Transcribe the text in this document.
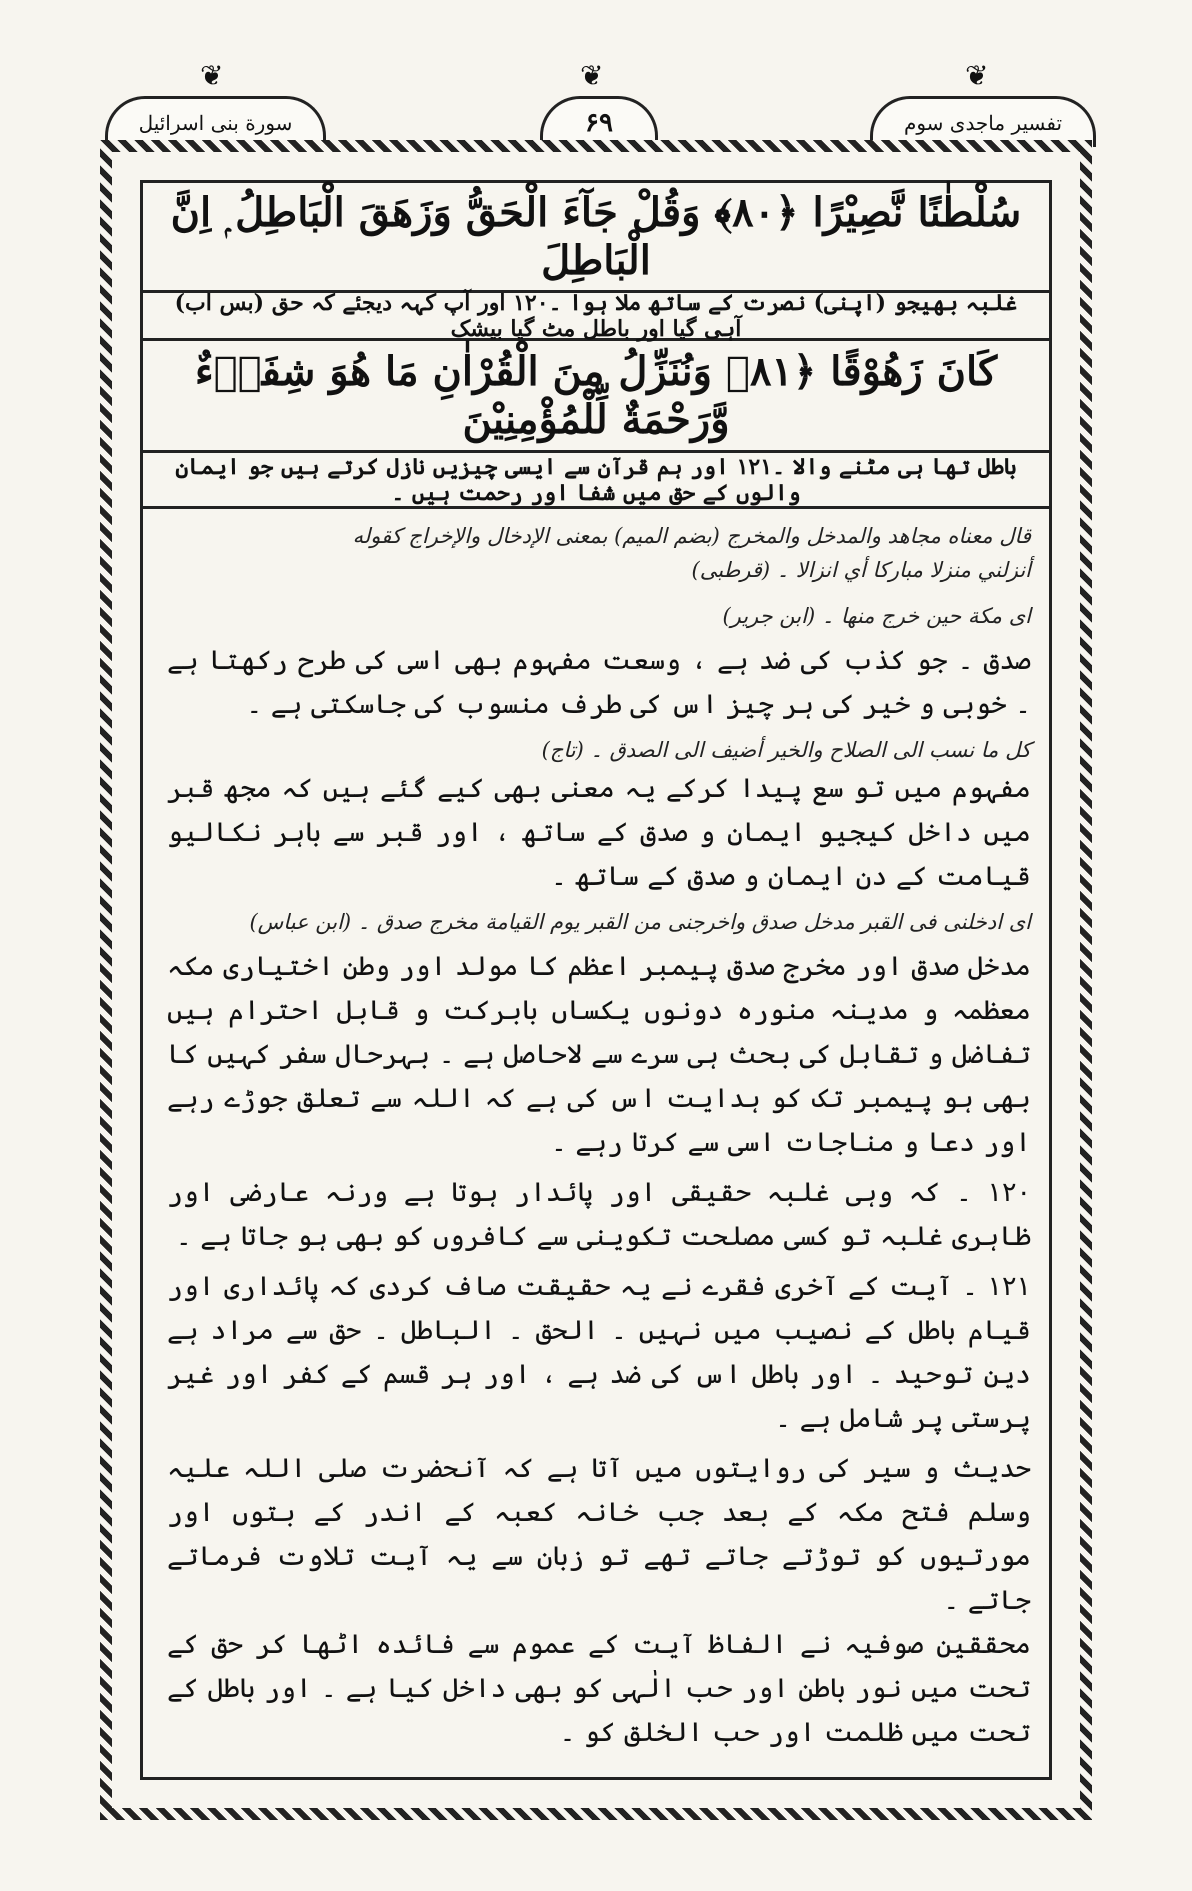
❦	❦	❦
سورة بنی اسرائیل	۶۹	تفسیر ماجدی سوم
سُلْطٰنًا نَّصِيْرًا ﴿٨٠﴾ وَقُلْ جَآءَ الْحَقُّ وَزَهَقَ الْبَاطِلُ ۭ اِنَّ الْبَاطِلَ
غلبہ بھیجو (اپنی) نصرت کے ساتھ ملا ہوا ۔١٢٠ اور آپ کہہ دیجئے کہ حق (بس اب) آہی گیا اور باطل مٹ گیا بیشک
كَانَ زَهُوْقًا ﴿٨١﴾ وَنُنَزِّلُ مِنَ الْقُرْاٰنِ مَا هُوَ شِفَاۗءٌ وَّرَحْمَةٌ لِّلْمُؤْمِنِيْنَ
باطل تھا ہی مٹنے والا ۔١٢١ اور ہم قرآن سے ایسی چیزیں نازل کرتے ہیں جو ایمان والوں کے حق میں شفا اور رحمت ہیں ۔

قال معناه مجاهد والمدخل والمخرج (بضم الميم) بمعنى الإدخال والإخراج كقوله

أنزلني منزلا مباركا أي انزالا ۔ (قرطبی)

اى مكة حين خرج منها ۔ (ابن جرير)

صدق ۔ جو کذب کی ضد ہے ، وسعت مفہوم بھی اسی کی طرح رکھتا ہے ۔ خوبی و خیر کی ہر چیز اس کی طرف منسوب کی جاسکتی ہے ۔

كل ما نسب الى الصلاح والخير أضيف الى الصدق ۔ (تاج)

مفہوم میں تو سع پیدا کرکے یہ معنی بھی کیے گئے ہیں کہ مجھ قبر میں داخل کیجیو ایمان و صدق کے ساتھ ، اور قبر سے باہر نکالیو قیامت کے دن ایمان و صدق کے ساتھ ۔

اى ادخلنى فى القبر مدخل صدق واخرجنى من القبر يوم القيامة مخرج صدق ۔ (ابن عباس)

مدخل صدق اور مخرج صدق پیمبر اعظم کا مولد اور وطن اختیاری مکہ معظمہ و مدینہ منورہ دونوں یکساں بابرکت و قابل احترام ہیں تفاضل و تقابل کی بحث ہی سرے سے لاحاصل ہے ۔ بہرحال سفر کہیں کا بھی ہو پیمبر تک کو ہدایت اس کی ہے کہ اللہ سے تعلق جوڑے رہے اور دعا و مناجات اسی سے کرتا رہے ۔

١٢٠ ۔ کہ وہی غلبہ حقیقی اور پائدار ہوتا ہے ورنہ عارضی اور ظاہری غلبہ تو کسی مصلحت تکوینی سے کافروں کو بھی ہو جاتا ہے ۔

١٢١ ۔ آیت کے آخری فقرے نے یہ حقیقت صاف کردی کہ پائداری اور قیام باطل کے نصیب میں نہیں ۔ الحق ۔ الباطل ۔ حق سے مراد ہے دین توحید ۔ اور باطل اس کی ضد ہے ، اور ہر قسم کے کفر اور غیر پرستی پر شامل ہے ۔

حدیث و سیر کی روایتوں میں آتا ہے کہ آنحضرت صلی اللہ علیہ وسلم فتح مکہ کے بعد جب خانہ کعبہ کے اندر کے بتوں اور مورتیوں کو توڑتے جاتے تھے تو زبان سے یہ آیت تلاوت فرماتے جاتے ۔

محققین صوفیہ نے الفاظ آیت کے عموم سے فائدہ اٹھا کر حق کے تحت میں نور باطن اور حب الٰہی کو بھی داخل کیا ہے ۔ اور باطل کے تحت میں ظلمت اور حب الخلق کو ۔
